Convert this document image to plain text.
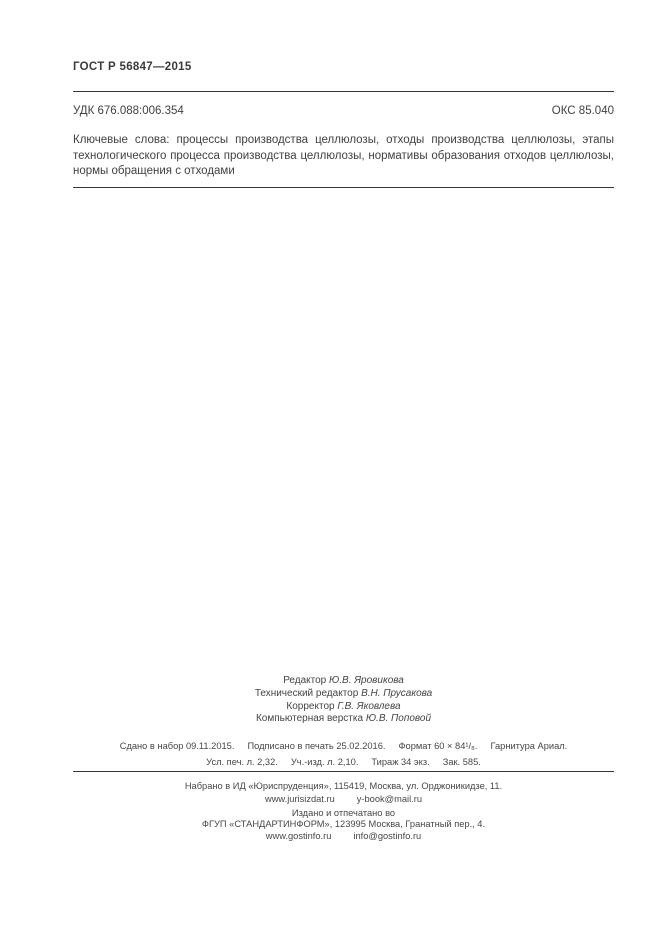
ГОСТ Р 56847—2015
УДК 676.088:006.354	ОКС 85.040
Ключевые слова: процессы производства целлюлозы, отходы производства целлюлозы, этапы технологического процесса производства целлюлозы, нормативы образования отходов целлюлозы, нормы обращения с отходами
Редактор Ю.В. Яровикова
Технический редактор В.Н. Прусакова
Корректор Г.В. Яковлева
Компьютерная верстка Ю.В. Поповой
Сдано в набор 09.11.2015. Подписано в печать 25.02.2016. Формат 60 × 84¹/₈. Гарнитура Ариал.
Усл. печ. л. 2,32. Уч.-изд. л. 2,10. Тираж 34 экз. Зак. 585.
Набрано в ИД «Юриспруденция», 115419, Москва, ул. Орджоникидзе, 11.
www.jurisizdat.ru y-book@mail.ru
Издано и отпечатано во
ФГУП «СТАНДАРТИНФОРМ», 123995 Москва, Гранатный пер., 4.
www.gostinfo.ru info@gostinfo.ru
